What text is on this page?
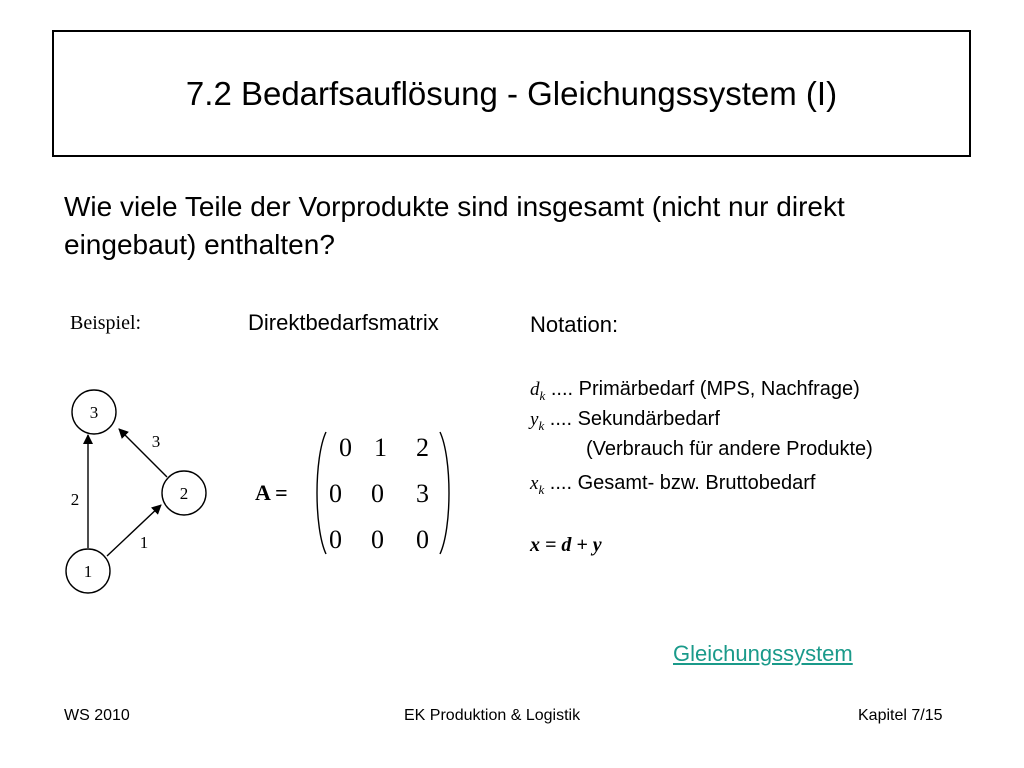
7.2 Bedarfsauflösung - Gleichungssystem (I)
Wie viele Teile der Vorprodukte sind insgesamt (nicht nur direkt eingebaut) enthalten?
Beispiel:
3
2
1
2
1
3
Direktbedarfsmatrix
A =
0 1 2
0 0 3
0 0 0
Notation:
$d_k$ .... Primärbedarf (MPS, Nachfrage)
$y_k$ .... Sekundärbedarf
(Verbrauch für andere Produkte)
$x_k$ .... Gesamt- bzw. Bruttobedarf
x = d + y
Gleichungssystem
WS 2010	EK Produktion & Logistik	Kapitel 7/15
